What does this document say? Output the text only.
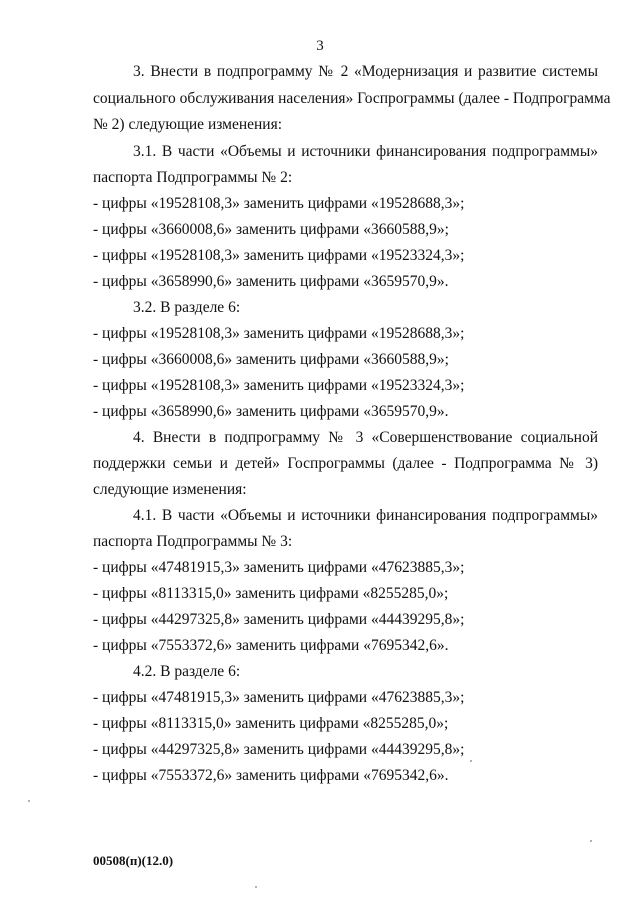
3
3. Внести в подпрограмму № 2 «Модернизация и развитие системы
социального обслуживания населения» Госпрограммы (далее - Подпрограмма
№ 2) следующие изменения:
3.1. В части «Объемы и источники финансирования подпрограммы»
паспорта Подпрограммы № 2:
- цифры «19528108,3» заменить цифрами «19528688,3»;
- цифры «3660008,6» заменить цифрами «3660588,9»;
- цифры «19528108,3» заменить цифрами «19523324,3»;
- цифры «3658990,6» заменить цифрами «3659570,9».
3.2. В разделе 6:
- цифры «19528108,3» заменить цифрами «19528688,3»;
- цифры «3660008,6» заменить цифрами «3660588,9»;
- цифры «19528108,3» заменить цифрами «19523324,3»;
- цифры «3658990,6» заменить цифрами «3659570,9».
4. Внести в подпрограмму № 3 «Совершенствование социальной
поддержки семьи и детей» Госпрограммы (далее - Подпрограмма № 3)
следующие изменения:
4.1. В части «Объемы и источники финансирования подпрограммы»
паспорта Подпрограммы № 3:
- цифры «47481915,3» заменить цифрами «47623885,3»;
- цифры «8113315,0» заменить цифрами «8255285,0»;
- цифры «44297325,8» заменить цифрами «44439295,8»;
- цифры «7553372,6» заменить цифрами «7695342,6».
4.2. В разделе 6:
- цифры «47481915,3» заменить цифрами «47623885,3»;
- цифры «8113315,0» заменить цифрами «8255285,0»;
- цифры «44297325,8» заменить цифрами «44439295,8»;
- цифры «7553372,6» заменить цифрами «7695342,6».
00508(п)(12.0)
